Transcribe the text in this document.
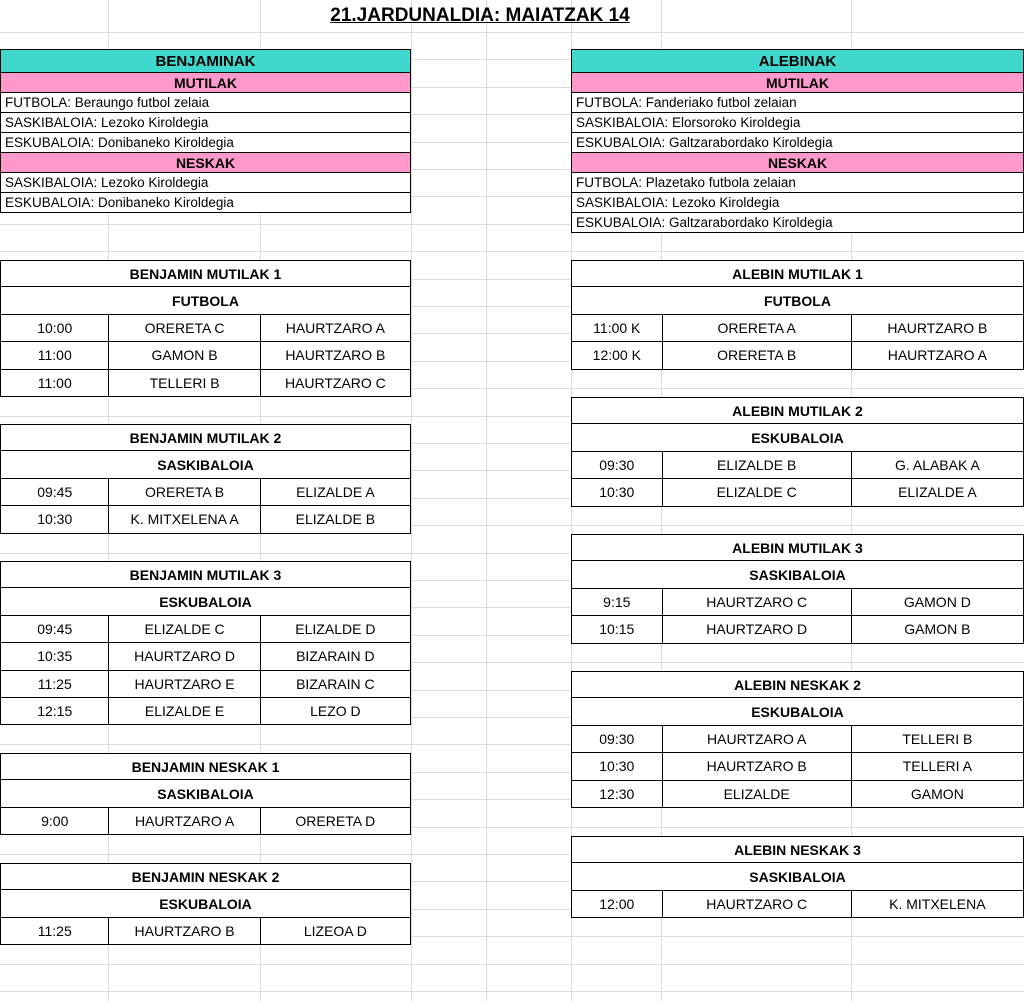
21.JARDUNALDIA: MAIATZAK 14
BENJAMINAK
MUTILAK
FUTBOLA: Beraungo futbol zelaia
SASKIBALOIA: Lezoko Kiroldegia
ESKUBALOIA: Donibaneko Kiroldegia
NESKAK
SASKIBALOIA: Lezoko Kiroldegia
ESKUBALOIA: Donibaneko Kiroldegia
ALEBINAK
MUTILAK
FUTBOLA: Fanderiako futbol zelaian
SASKIBALOIA: Elorsoroko Kiroldegia
ESKUBALOIA: Galtzarabordako Kiroldegia
NESKAK
FUTBOLA: Plazetako futbola zelaian
SASKIBALOIA: Lezoko Kiroldegia
ESKUBALOIA: Galtzarabordako Kiroldegia
BENJAMIN MUTILAK 1
FUTBOLA
10:00	ORERETA C	HAURTZARO A
11:00	GAMON B	HAURTZARO B
11:00	TELLERI B	HAURTZARO C
BENJAMIN MUTILAK 2
SASKIBALOIA
09:45	ORERETA B	ELIZALDE A
10:30	K. MITXELENA A	ELIZALDE B
BENJAMIN MUTILAK 3
ESKUBALOIA
09:45	ELIZALDE C	ELIZALDE D
10:35	HAURTZARO D	BIZARAIN D
11:25	HAURTZARO E	BIZARAIN C
12:15	ELIZALDE E	LEZO D
BENJAMIN NESKAK 1
SASKIBALOIA
9:00	HAURTZARO A	ORERETA D
BENJAMIN NESKAK 2
ESKUBALOIA
11:25	HAURTZARO B	LIZEOA D
ALEBIN MUTILAK 1
FUTBOLA
11:00 K	ORERETA A	HAURTZARO B
12:00 K	ORERETA B	HAURTZARO A
ALEBIN MUTILAK 2
ESKUBALOIA
09:30	ELIZALDE B	G. ALABAK A
10:30	ELIZALDE C	ELIZALDE A
ALEBIN MUTILAK 3
SASKIBALOIA
9:15	HAURTZARO C	GAMON D
10:15	HAURTZARO D	GAMON B
ALEBIN NESKAK 2
ESKUBALOIA
09:30	HAURTZARO A	TELLERI B
10:30	HAURTZARO B	TELLERI A
12:30	ELIZALDE	GAMON
ALEBIN NESKAK 3
SASKIBALOIA
12:00	HAURTZARO C	K. MITXELENA
